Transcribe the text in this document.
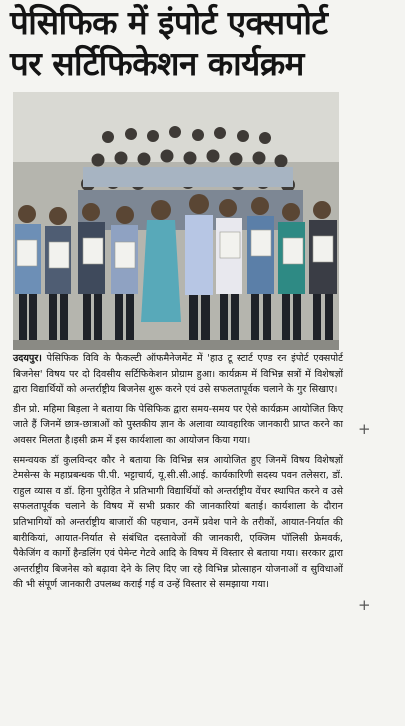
पेसिफिक में इंपोर्ट एक्सपोर्ट पर सर्टिफिकेशन कार्यक्रम

उदयपुर। पेसिफिक विवि के फैकल्टी ऑफमैनेजमेंट में 'हाउ टू स्टार्ट एण्ड रन इंपोर्ट एक्सपोर्ट बिजनेस' विषय पर दो दिवसीय सर्टिफिकेशन प्रोग्राम हुआ। कार्यक्रम में विभिन्न सत्रों में विशेषज्ञों द्वारा विद्यार्थियों को अन्तर्राष्ट्रीय बिजनेस शुरू करने एवं उसे सफलतापूर्वक चलाने के गुर सिखाए।

डीन प्रो. महिमा बिड़ला ने बताया कि पेसिफिक द्वारा समय-समय पर ऐसे कार्यक्रम आयोजित किए जाते हैं जिनमें छात्र-छात्राओं को पुस्तकीय ज्ञान के अलावा व्यावहारिक जानकारी प्राप्त करने का अवसर मिलता है।इसी क्रम में इस कार्यशाला का आयोजन किया गया।

समन्वयक डॉ कुलविन्दर कौर ने बताया कि विभिन्न सत्र आयोजित हुए जिनमें विषय विशेषज्ञों टेमसेन्स के महाप्रबन्धक पी.पी. भट्टाचार्य, यू.सी.सी.आई. कार्यकारिणी सदस्य पवन तलेसरा, डॉ. राहुल व्यास व डॉ. हिना पुरोहित ने प्रतिभागी विद्यार्थियों को अन्तर्राष्ट्रीय वेंचर स्थापित करने व उसे सफलतापूर्वक चलाने के विषय में सभी प्रकार की जानकारियां बताई। कार्यशाला के दौरान प्रतिभागियों को अन्तर्राष्ट्रीय बाजारों की पहचान, उनमें प्रवेश पाने के तरीकों, आयात-निर्यात की बारीकियां, आयात-निर्यात से संबंधित दस्तावेजों की जानकारी, एक्जिम पॉलिसी फ्रेमवर्क, पैकेजिंग व कार्गो हैन्डलिंग एवं पेमेन्ट गेटवे आदि के विषय में विस्तार से बताया गया। सरकार द्वारा अन्तर्राष्ट्रीय बिजनेस को बढ़ावा देने के लिए दिए जा रहे विभिन्न प्रोत्साहन योजनाओं व सुविधाओं की भी संपूर्ण जानकारी उपलब्ध कराई गई व उन्हें विस्तार से समझाया गया।

+
+
